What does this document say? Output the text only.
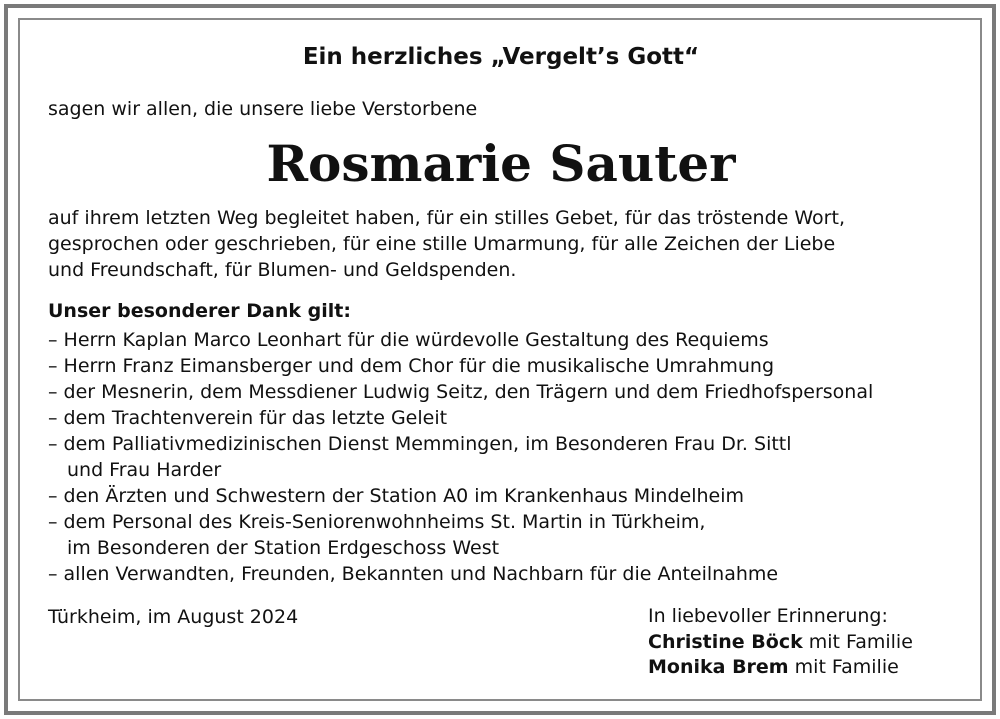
Ein herzliches „Vergelt’s Gott“
sagen wir allen, die unsere liebe Verstorbene
Rosmarie Sauter
auf ihrem letzten Weg begleitet haben, für ein stilles Gebet, für das tröstende Wort,
gesprochen oder geschrieben, für eine stille Umarmung, für alle Zeichen der Liebe
und Freundschaft, für Blumen- und Geldspenden.
Unser besonderer Dank gilt:
– Herrn Kaplan Marco Leonhart für die würdevolle Gestaltung des Requiems
– Herrn Franz Eimansberger und dem Chor für die musikalische Umrahmung
– der Mesnerin, dem Messdiener Ludwig Seitz, den Trägern und dem Friedhofspersonal
– dem Trachtenverein für das letzte Geleit
– dem Palliativmedizinischen Dienst Memmingen, im Besonderen Frau Dr. Sittl
und Frau Harder
– den Ärzten und Schwestern der Station A0 im Krankenhaus Mindelheim
– dem Personal des Kreis-Seniorenwohnheims St. Martin in Türkheim,
im Besonderen der Station Erdgeschoss West
– allen Verwandten, Freunden, Bekannten und Nachbarn für die Anteilnahme
Türkheim, im August 2024	In liebevoller Erinnerung:
Christine Böck mit Familie
Monika Brem mit Familie
